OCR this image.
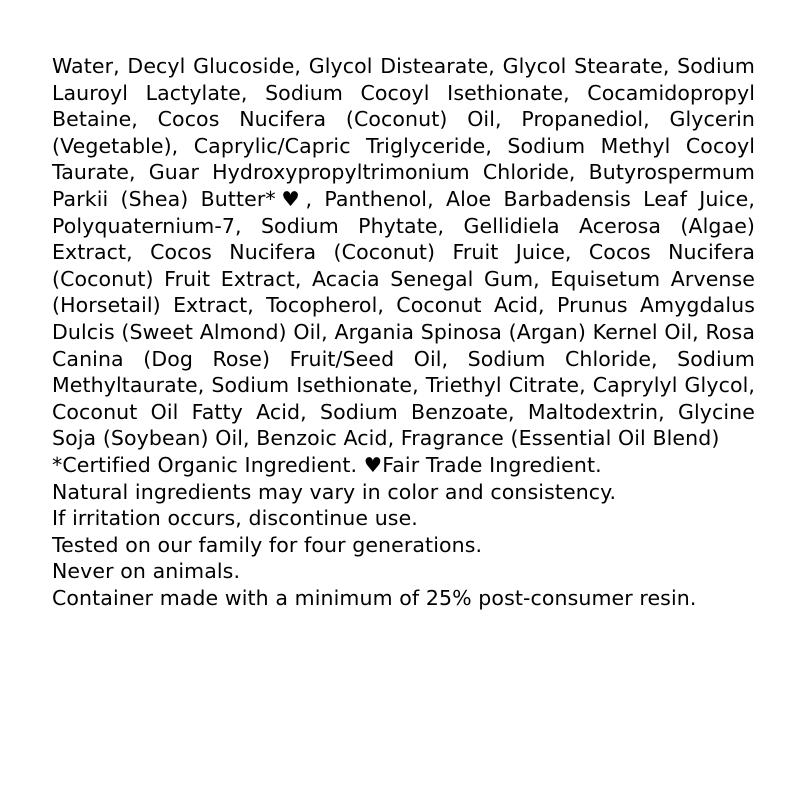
Water, Decyl Glucoside, Glycol Distearate, Glycol Stearate, Sodium Lauroyl Lactylate, Sodium Cocoyl Isethionate, Cocamidopropyl Betaine, Cocos Nucifera (Coconut) Oil, Propanediol, Glycerin (Vegetable), Caprylic/Capric Triglyceride, Sodium Methyl Cocoyl Taurate, Guar Hydroxypropyltrimonium Chloride, Butyrospermum Parkii (Shea) Butter*♥, Panthenol, Aloe Barbadensis Leaf Juice, Polyquaternium-7, Sodium Phytate, Gellidiela Acerosa (Algae) Extract, Cocos Nucifera (Coconut) Fruit Juice, Cocos Nucifera (Coconut) Fruit Extract, Acacia Senegal Gum, Equisetum Arvense (Horsetail) Extract, Tocopherol, Coconut Acid, Prunus Amygdalus Dulcis (Sweet Almond) Oil, Argania Spinosa (Argan) Kernel Oil, Rosa Canina (Dog Rose) Fruit/Seed Oil, Sodium Chloride, Sodium Methyltaurate, Sodium Isethionate, Triethyl Citrate, Caprylyl Glycol, Coconut Oil Fatty Acid, Sodium Benzoate, Maltodextrin, Glycine Soja (Soybean) Oil, Benzoic Acid, Fragrance (Essential Oil Blend)

*Certified Organic Ingredient. ♥Fair Trade Ingredient.
Natural ingredients may vary in color and consistency.
If irritation occurs, discontinue use.
Tested on our family for four generations.
Never on animals.
Container made with a minimum of 25% post-consumer resin.
